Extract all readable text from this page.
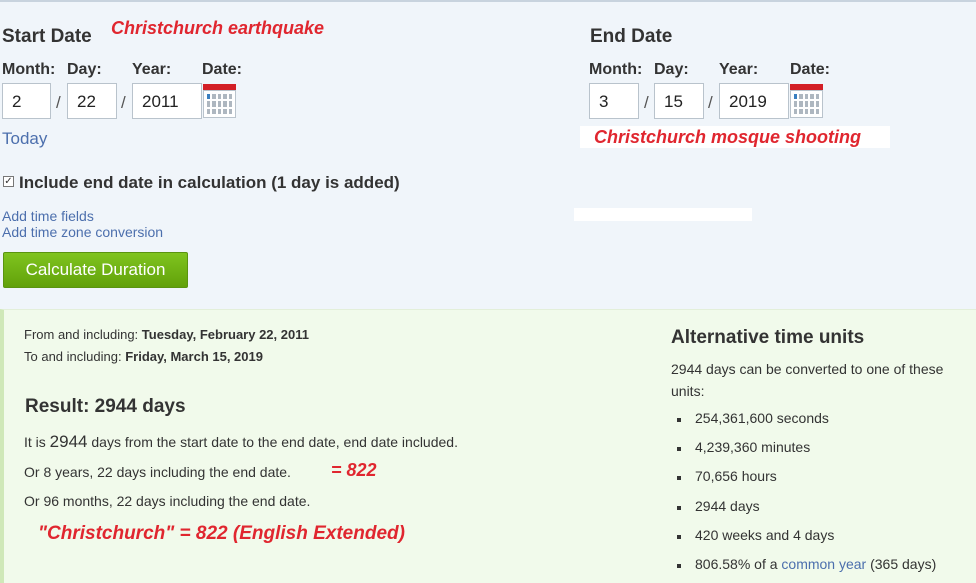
Start Date Christchurch earthquake
Month: Day: Year: Date:
2	/ 22	/ 2011
Today
End Date
Month: Day: Year: Date:
3	/ 15	/ 2019
Christchurch mosque shooting
✓ Include end date in calculation (1 day is added)
Add time fields
Add time zone conversion
Calculate Duration
From and including: Tuesday, February 22, 2011
To and including: Friday, March 15, 2019
Result: 2944 days
It is 2944 days from the start date to the end date, end date included.
Or 8 years, 22 days including the end date. = 822
Or 96 months, 22 days including the end date.
"Christchurch" = 822 (English Extended)
Alternative time units
2944 days can be converted to one of these units:
254,361,600 seconds
4,239,360 minutes
70,656 hours
2944 days
420 weeks and 4 days
806.58% of a common year (365 days)
